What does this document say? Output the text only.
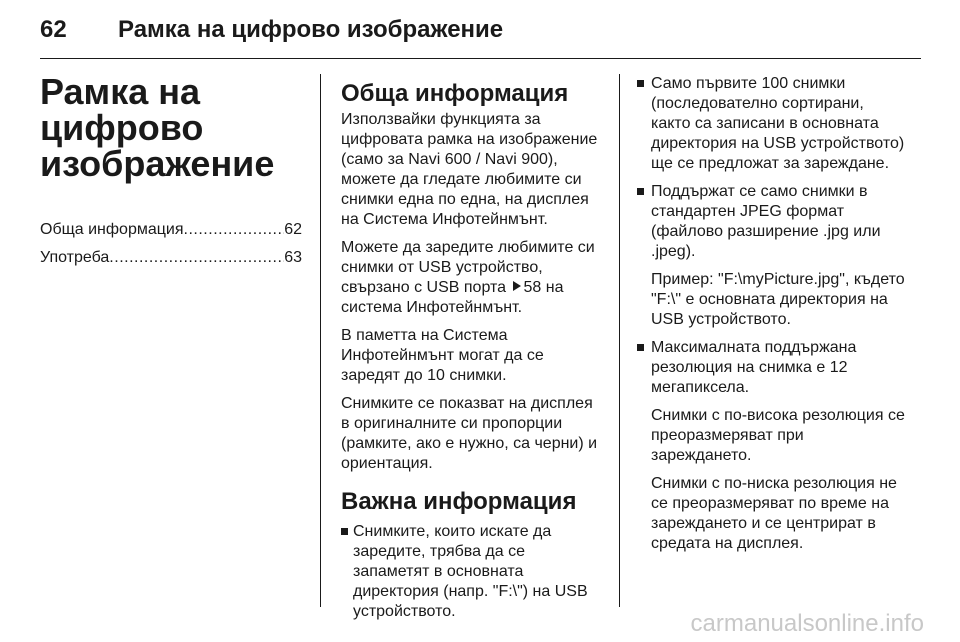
62 Рамка на цифрово изображение
Рамка на цифрово изображение
Обща информация .....	62
Употреба .....	63
Обща информация

Използвайки функцията за цифровата рамка на изображение (само за Navi 600 / Navi 900), можете да гледате любимите си снимки една по една, на дисплея на Система Инфотейнмънт.

Можете да заредите любимите си снимки от USB устройство, свързано с USB порта 58 на система Инфотейнмънт.

В паметта на Система Инфотейнмънт могат да се заредят до 10 снимки.

Снимките се показват на дисплея в оригиналните си пропорции (рамките, ако е нужно, са черни) и ориентация.

Важна информация

Снимките, които искате да заредите, трябва да се запаметят в основната директория (напр. "F:\") на USB устройството.

Само първите 100 снимки (последователно сортирани, както са записани в основната директория на USB устройството) ще се предложат за зареждане.

Поддържат се само снимки в стандартен JPEG формат (файлово разширение .jpg или .jpeg).

Пример: "F:\myPicture.jpg", където "F:\" е основната директория на USB устройството.

Максималната поддържана резолюция на снимка е 12 мегапиксела.

Снимки с по-висока резолюция се преоразмеряват при зареждането.

Снимки с по-ниска резолюция не се преоразмеряват по време на зареждането и се центрират в средата на дисплея.

carmanualsonline.info
